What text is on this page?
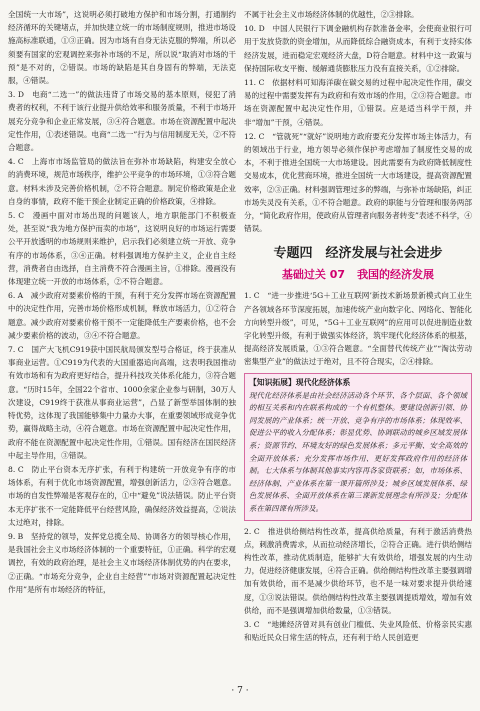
全国统一大市场”，这说明必须打破地方保护和市场分割，打通制约经济循环的关键堵点，并加快建立统一的市场制度规则，推进市场设施高标准联通，①③正确。因为市场有自身无法克服的弊端，所以必须要有国家的宏观调控来弥补市场的不足，所以说“取消对市场的干预”是不对的，②错误。市场的缺陷是其自身固有的弊端，无法克服，④错误。

3. D　电商“二选一”的做法违背了市场交易的基本原则，侵犯了消费者的权利，不利于该行业提升供给效率和服务质量，不利于市场开展充分竞争和企业正常发展，③④符合题意。市场在资源配置中起决定性作用，①表述错误。电商“二选一”行为与信用制度无关，②不符合题意。

4. C　上海市市场监管局的做法旨在弥补市场缺陷，构建安全放心的消费环境，规范市场秩序，维护公平竞争的市场环境，①③符合题意。材料未涉及完善价格机制，②不符合题意。制定价格政策是企业自身的事情，政府不能干预企业制定正确的价格政策，④排除。

5. C　漫画中面对市场出现的问题该人，地方职能部门不积极查处，甚至说“我为地方保护而卖的市场”，这说明良好的市场运行需要公平开放透明的市场规则来维护，启示我们必须建立统一开放、竞争有序的市场体系，③④正确。材料强调地方保护主义，企业自主经营，消费者自由选择，自主消费不符合漫画主旨，①排除。漫画没有体现建立统一开放的市场体系，②不符合题意。

6. A　减少政府对要素价格的干预，有利于充分发挥市场在资源配置中的决定性作用，完善市场价格形成机制，释放市场活力，①②符合题意。减少政府对要素价格干预不一定能降低生产要素价格，也不会减少要素价格的波动，③④不符合题意。

7. C　国产大飞机C919获中国民航局颁发型号合格证，终于获准从事商业运营。①C919为代表的大国重器追向高端，这表明我国推动有效市场和有为政府更好结合，提升科技攻关体系化能力，③符合题意。“历时15年，全国22个省市、1000余家企业参与研制，30万人次建设，C919终于获准从事商业运营”，凸显了新型举国体制的独特优势，这体现了我国能够集中力量办大事，在重要领域形成竞争优势，赢得战略主动，④符合题意。市场在资源配置中起决定性作用，政府不能在资源配置中起决定性作用，①错误。国有经济在国民经济中起主导作用，③错误。

8. C　防止平台资本无序扩张，有利于构建统一开放竞争有序的市场体系，有利于优化市场资源配置，增强创新活力，②③符合题意。市场的自发性弊端是客观存在的，①中“避免”说法错误。防止平台资本无序扩张不一定能降低平台经营风险，确保经济效益提高，②说法太过绝对，排除。

9. B　坚持党的领导，发挥党总揽全局、协调各方的领导核心作用，是我国社会主义市场经济体制的一个重要特征，①正确。科学的宏观调控，有效的政府治理，是社会主义市场经济体制优势的内在要求，②正确。“市场充分竞争，企业自主经营”“市场对资源配置起决定性作用”是所有市场经济的特征，

不属于社会主义市场经济体制的优越性，②③排除。

10. D　中国人民银行下调金融机构存款准备金率，会使商业银行可用于发放贷款的资金增加，从而降低综合融资成本，有利于支持实体经济发展，进而稳定宏观经济大盘，D符合题意。材料中这一政策与保持国际收支平衡、缓解通货膨胀压力没有直接关系，①②排除。

11. C　依据材料可知海洋碳在碳交易的过程中起决定性作用，碳交易的过程中需要发挥有为政府和有效市场的作用，②③符合题意。市场在资源配置中起决定性作用，①错误。应是适当科学干预，并非“增加”干预，④错误。

12. C　“管就死”“就好”说明地方政府要充分发挥市场主体活力，有的领域出于行业，地方领导必须作保护考虑增加了制度性交易的成本，不利于推进全国统一大市场建设。因此需要有为政府降低制度性交易成本，优化营商环境，推进全国统一大市场建设，提高资源配置效率，②③正确。材料强调管理过多的弊端，与弥补市场缺陷，纠正市场失灵没有关系，①不符合题意。政府的职能与分管理和服务两部分，“简化政府作用，使政府从管理者向服务者转变”表述不科学，④错误。

专题四　经济发展与社会进步
基础过关 07 我国的经济发展

1. C　“进一步推进‘5G＋工业互联网’新技术新场景新模式向工业生产各领域各环节深度拓展，加速传统产业向数字化、网络化、智能化方向转型升级”，可见，“5G＋工业互联网”的应用可以促进制造业数字化转型升级，有利于做强实体经济，筑牢现代化经济体系的根基，提高经济发展质量，①③符合题意。“全面替代传统产业”“淘汰劳动密集型产业”的做法过于绝对，且不符合现实，②④排除。

【知识拓展】现代化经济体系
现代化经济体系是由社会经济活动各个环节、各个层面、各个领域的相互关系和内在联系构成的一个有机整体。要建设创新引领、协同发展的产业体系；统一开放、竞争有序的市场体系；体现效率、促进公平的收入分配体系；彰显优势、协调联动的城乡区域发展体系；资源节约、环境友好的绿色发展体系；多元平衡、安全高效的全面开放体系；充分发挥市场作用、更好发挥政府作用的经济体制。七大体系与体制其他事实内容再各家资联系；如，市场体系、经济体制、产业体系在第一课开篇所涉及；城乡区域发展体系、绿色发展体系、全面开放体系在第三课新发展理念有所涉及；分配体系在第四课有所涉及。

2. C　推进供给侧结构性改革，提高供给质量，有利于激活消费热点，刺激消费需求，从而拉动经济增长，②符合正确。进行供给侧结构性改革，推动优质制造，能够扩大有效供给，增强发展的内生动力，促进经济健康发展，④符合正确。供给侧结构性改革主要强调增加有效供给，而不是减少供给环节，也不是一味对要求提升供给速度，①③说法错误。供给侧结构性改革主要强调提质增效，增加有效供给，而不是强调增加供给数量，①③错误。

3. C　“地摊经济曾对具有创业门槛低、失业风险低、价格亲民实惠和贴近民众日常生活的特点，还有利于给人民创造更

· 7 ·
